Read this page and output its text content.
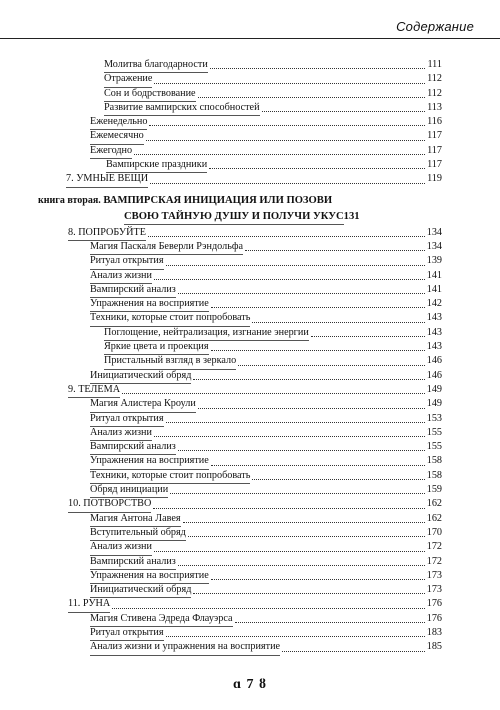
Содержание
Молитва благодарности	111
Отражение	112
Сон и бодрствование	112
Развитие вампирских способностей	113
Еженедельно	116
Ежемесячно	117
Ежегодно	117
Вампирские праздники	117
7. УМНЫЕ ВЕЩИ	119
книга вторая. ВАМПИРСКАЯ ИНИЦИАЦИЯ ИЛИ ПОЗОВИ
СВОЮ ТАЙНУЮ ДУШУ И ПОЛУЧИ УКУС 131
8. ПОПРОБУЙТЕ	134
Магия Паскаля Беверли Рэндольфа	134
Ритуал открытия	139
Анализ жизни	141
Вампирский анализ	141
Упражнения на восприятие	142
Техники, которые стоит попробовать	143
Поглощение, нейтрализация, изгнание энергии	143
Яркие цвета и проекция	143
Пристальный взгляд в зеркало	146
Инициатический обряд	146
9. ТЕЛЕМА	149
Магия Алистера Кроули	149
Ритуал открытия	153
Анализ жизни	155
Вампирский анализ	155
Упражнения на восприятие	158
Техники, которые стоит попробовать	158
Обряд инициации	159
10. ПОТВОРСТВО	162
Магия Антона Лавея	162
Вступительный обряд	170
Анализ жизни	172
Вампирский анализ	172
Упражнения на восприятие	173
Инициатический обряд	173
11. РУНА	176
Магия Стивена Эдреда Флауэрса	176
Ритуал открытия	183
Анализ жизни и упражнения на восприятие	185
ɑ 7 ȣ
